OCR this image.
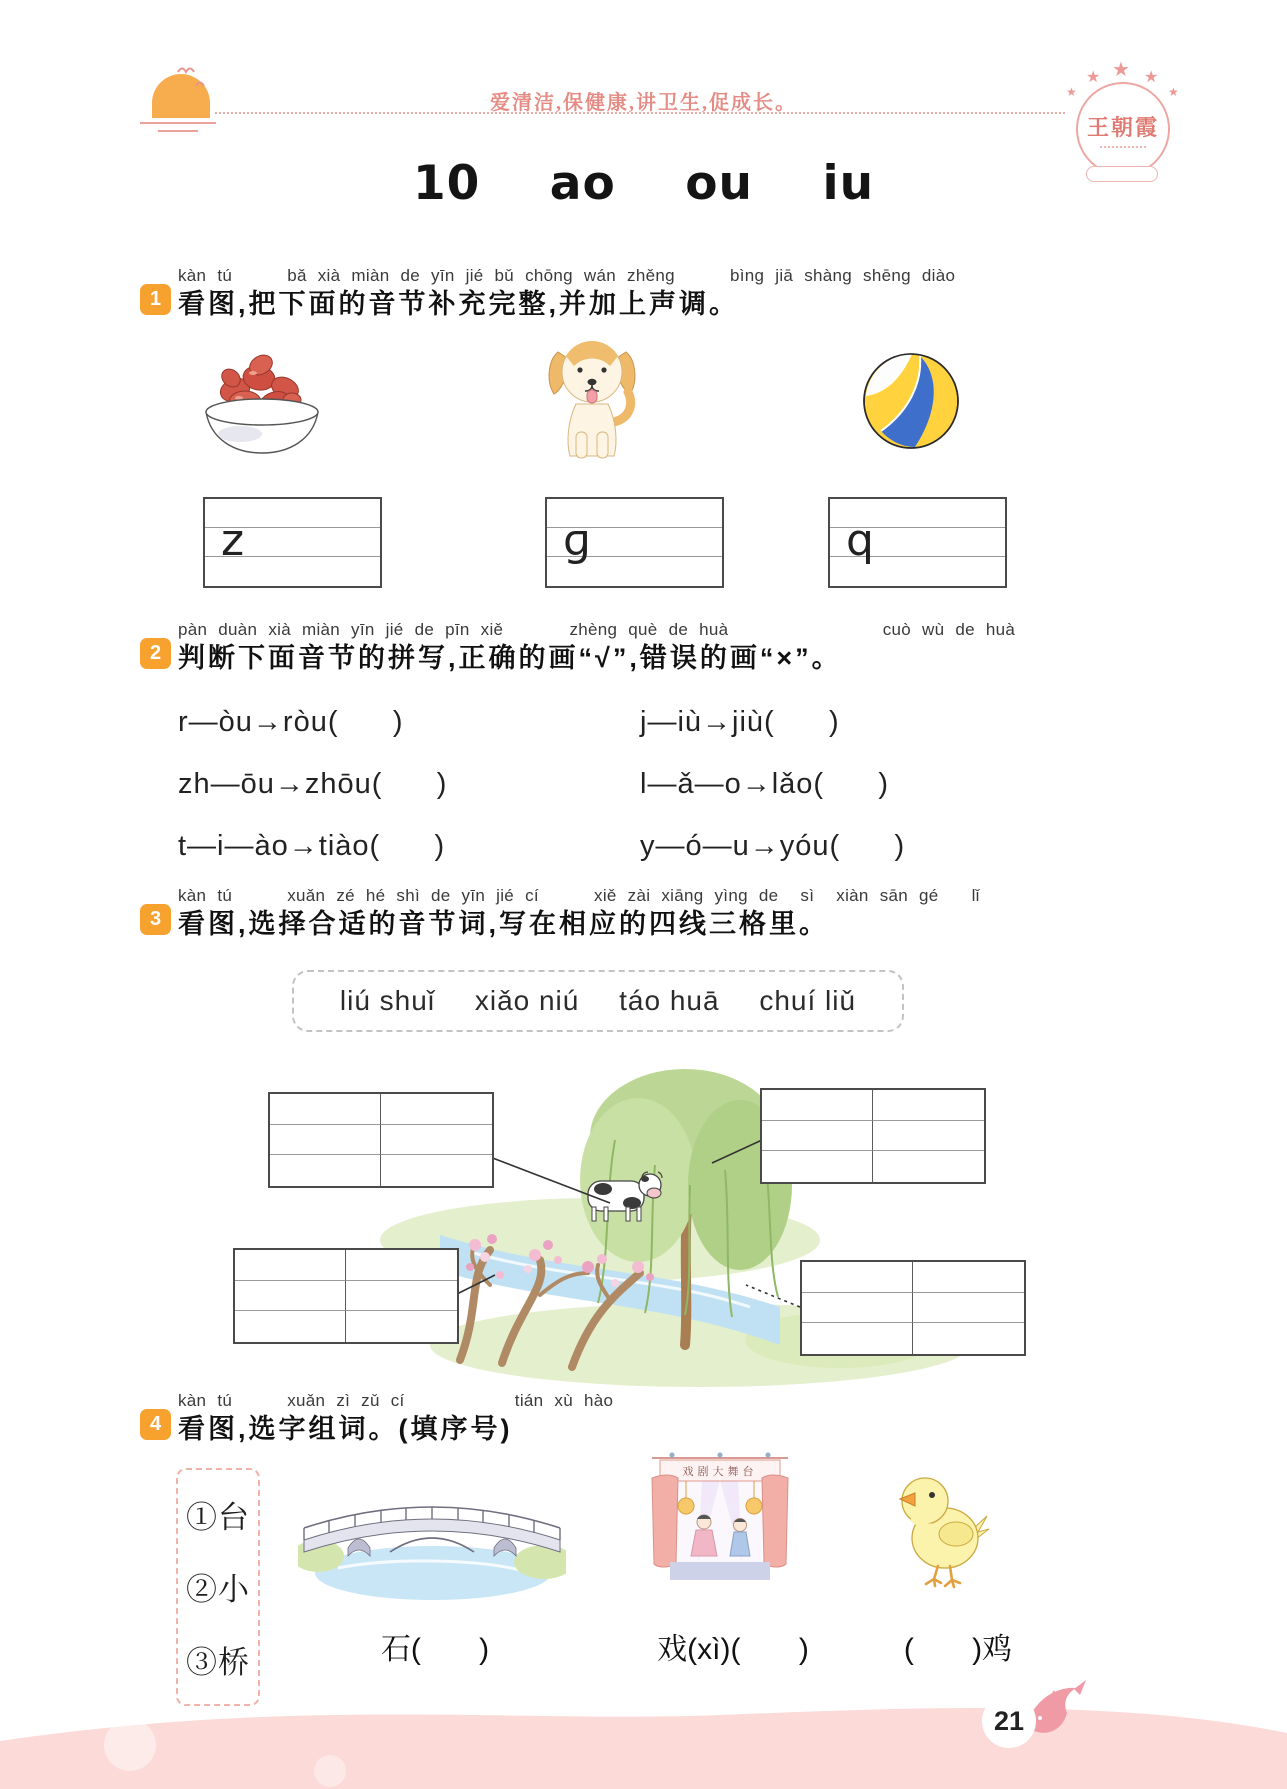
爱清洁,保健康,讲卫生,促成长。	★
★ ★ ★
★
王朝霞
10    ao    ou    iu
kàn tú     bǎ xià miàn de yīn jié bǔ chōng wán zhěng     bìng jiā shàng shēng diào
1 看图,把下面的音节补充完整,并加上声调。
z	ɡ	q
pàn duàn xià miàn yīn jié de pīn xiě      zhèng què de huà              cuò wù de huà
2 判断下面音节的拼写,正确的画“√”,错误的画“×”。
r—òu→ròu(      )	j—iù→jiù(      )
zh—ōu→zhōu(      )	l—ǎ—o→lǎo(      )
t—i—ào→tiào(      )	y—ó—u→yóu(      )
kàn tú     xuǎn zé hé shì de yīn jié cí     xiě zài xiāng yìng de  sì  xiàn sān gé   lǐ
3 看图,选择合适的音节词,写在相应的四线三格里。
liú shuǐ xiǎo niú táo huā chuí liǔ
kàn tú     xuǎn zì zǔ cí          tián xù hào
4 看图,选字组词。(填序号)
①台
②小
③桥
戏剧大舞台
石(       )	戏(xì)(       )	(       )鸡
21
